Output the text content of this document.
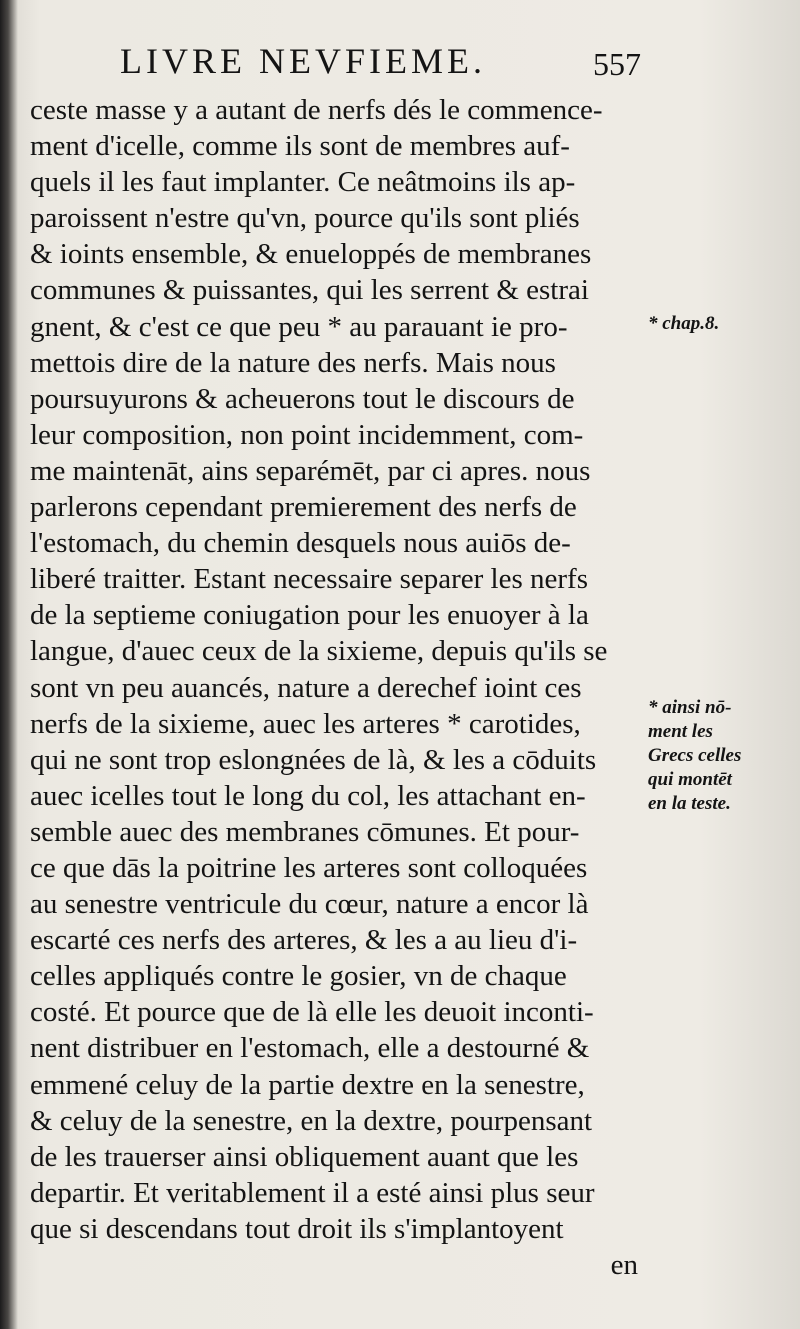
LIVRE NEVFIEME.	557
ceste masse y a autant de nerfs dés le commence-
ment d'icelle, comme ils sont de membres auf-
quels il les faut implanter. Ce neâtmoins ils ap-
paroissent n'estre qu'vn, pource qu'ils sont pliés
& ioints ensemble, & enueloppés de membranes
communes & puissantes, qui les serrent & estrai
gnent, & c'est ce que peu * au parauant ie pro-
mettois dire de la nature des nerfs. Mais nous
poursuyurons & acheuerons tout le discours de
leur composition, non point incidemment, com-
me maintenāt, ains separémēt, par ci apres. nous
parlerons cependant premierement des nerfs de
l'estomach, du chemin desquels nous auiōs de-
liberé traitter. Estant necessaire separer les nerfs
de la septieme coniugation pour les enuoyer à la
langue, d'auec ceux de la sixieme, depuis qu'ils se
sont vn peu auancés, nature a derechef ioint ces
nerfs de la sixieme, auec les arteres * carotides,
qui ne sont trop eslongnées de là, & les a cōduits
auec icelles tout le long du col, les attachant en-
semble auec des membranes cōmunes. Et pour-
ce que dās la poitrine les arteres sont colloquées
au senestre ventricule du cœur, nature a encor là
escarté ces nerfs des arteres, & les a au lieu d'i-
celles appliqués contre le gosier, vn de chaque
costé. Et pource que de là elle les deuoit inconti-
nent distribuer en l'estomach, elle a destourné &
emmené celuy de la partie dextre en la senestre,
& celuy de la senestre, en la dextre, pourpensant
de les trauerser ainsi obliquement auant que les
departir. Et veritablement il a esté ainsi plus seur
que si descendans tout droit ils s'implantoyent
en
* chap.8.
* ainsi nō-
ment les
Grecs celles
qui montēt
en la teste.
